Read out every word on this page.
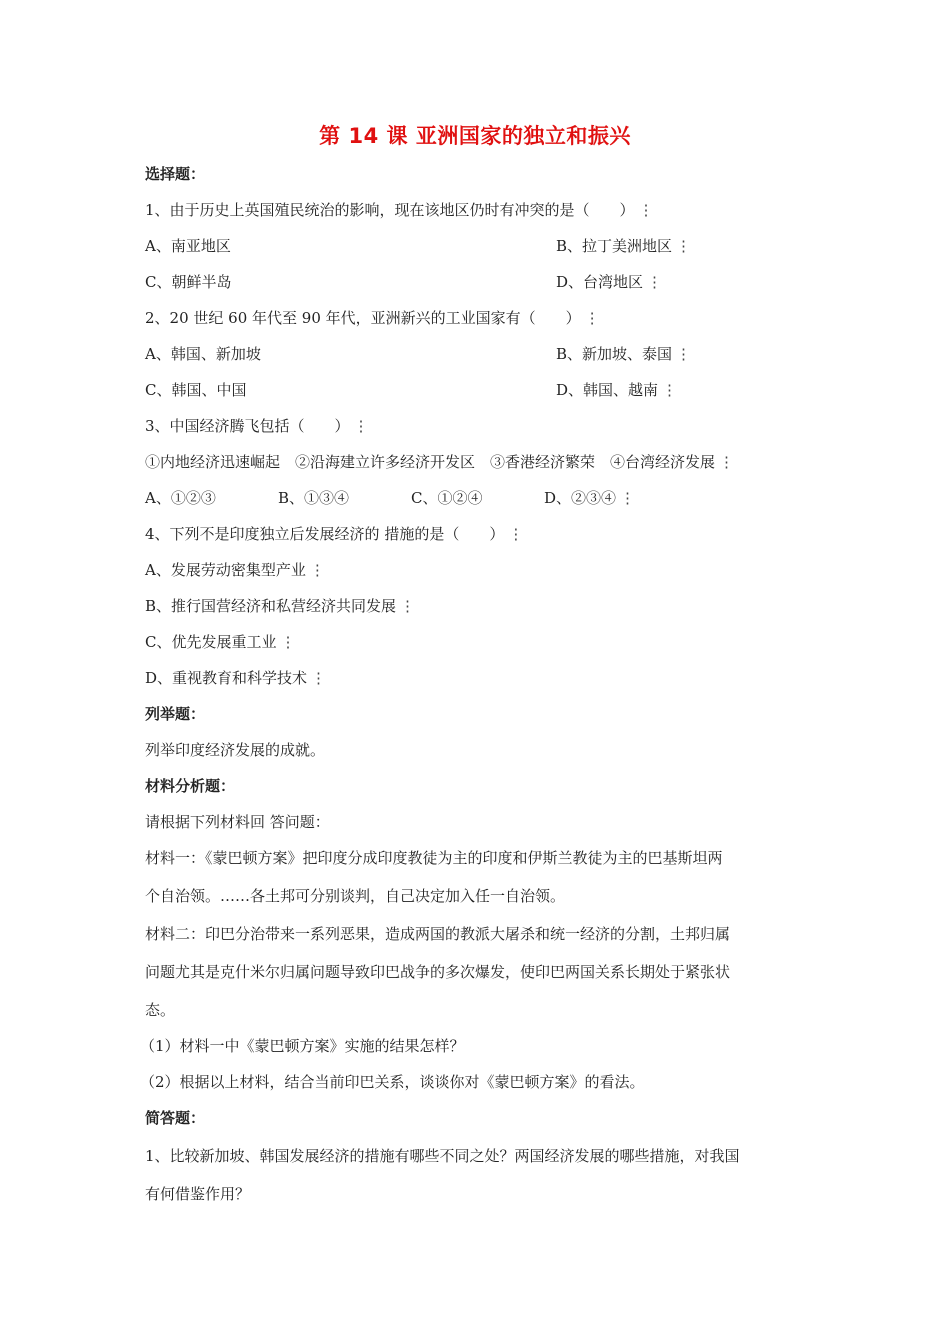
第 14 课 亚洲国家的独立和振兴
选择题：
1、由于历史上英国殖民统治的影响，现在该地区仍时有冲突的是（　　） ⋮
A、南亚地区	B、拉丁美洲地区 ⋮
C、朝鲜半岛	D、台湾地区 ⋮
2、20 世纪 60 年代至 90 年代，亚洲新兴的工业国家有（　　） ⋮
A、韩国、新加坡	B、新加坡、泰国 ⋮
C、韩国、中国	D、韩国、越南 ⋮
3、中国经济腾飞包括（　　） ⋮
①内地经济迅速崛起　②沿海建立许多经济开发区　③香港经济繁荣　④台湾经济发展 ⋮
A、①②③	B、①③④	C、①②④	D、②③④ ⋮
4、下列不是印度独立后发展经济的 措施的是（　　） ⋮
A、发展劳动密集型产业 ⋮
B、推行国营经济和私营经济共同发展 ⋮
C、优先发展重工业 ⋮
D、重视教育和科学技术 ⋮
列举题：
列举印度经济发展的成就。
材料分析题：
请根据下列材料回 答问题：
材料一：《蒙巴顿方案》把印度分成印度教徒为主的印度和伊斯兰教徒为主的巴基斯坦两
个自治领。……各土邦可分别谈判，自己决定加入任一自治领。
材料二：印巴分治带来一系列恶果，造成两国的教派大屠杀和统一经济的分割，土邦归属
问题尤其是克什米尔归属问题导致印巴战争的多次爆发，使印巴两国关系长期处于紧张状
态。
（1）材料一中《蒙巴顿方案》实施的结果怎样？
（2）根据以上材料，结合当前印巴关系，谈谈你对《蒙巴顿方案》的看法。
简答题：
1、比较新加坡、韩国发展经济的措施有哪些不同之处？两国经济发展的哪些措施，对我国
有何借鉴作用？
